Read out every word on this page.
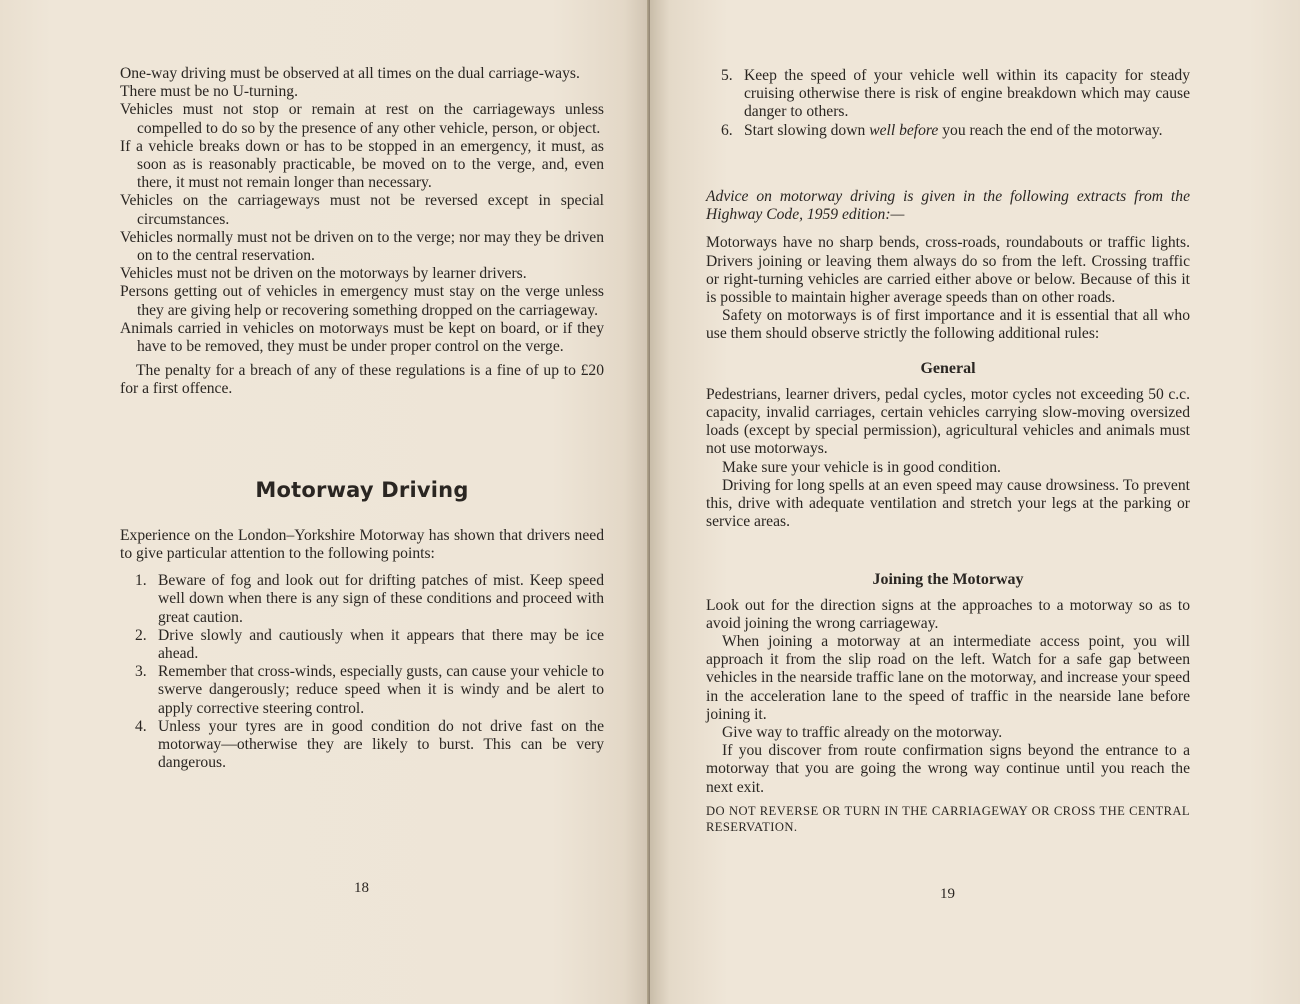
One-way driving must be observed at all times on the dual carriage-ways.

There must be no U-turning.

Vehicles must not stop or remain at rest on the carriageways unless compelled to do so by the presence of any other vehicle, person, or object.

If a vehicle breaks down or has to be stopped in an emergency, it must, as soon as is reasonably practicable, be moved on to the verge, and, even there, it must not remain longer than necessary.

Vehicles on the carriageways must not be reversed except in special circumstances.

Vehicles normally must not be driven on to the verge; nor may they be driven on to the central reservation.

Vehicles must not be driven on the motorways by learner drivers.

Persons getting out of vehicles in emergency must stay on the verge unless they are giving help or recovering something dropped on the carriageway.

Animals carried in vehicles on motorways must be kept on board, or if they have to be removed, they must be under proper control on the verge.

The penalty for a breach of any of these regulations is a fine of up to £20 for a first offence.

Motorway Driving

Experience on the London–Yorkshire Motorway has shown that drivers need to give particular attention to the following points:

1. Beware of fog and look out for drifting patches of mist. Keep speed well down when there is any sign of these conditions and proceed with great caution.
2. Drive slowly and cautiously when it appears that there may be ice ahead.
3. Remember that cross-winds, especially gusts, can cause your vehicle to swerve dangerously; reduce speed when it is windy and be alert to apply corrective steering control.
4. Unless your tyres are in good condition do not drive fast on the motorway—otherwise they are likely to burst. This can be very dangerous.
18
5. Keep the speed of your vehicle well within its capacity for steady cruising otherwise there is risk of engine breakdown which may cause danger to others.
6. Start slowing down well before you reach the end of the motorway.

Advice on motorway driving is given in the following extracts from the Highway Code, 1959 edition:—

Motorways have no sharp bends, cross-roads, roundabouts or traffic lights. Drivers joining or leaving them always do so from the left. Crossing traffic or right-turning vehicles are carried either above or below. Because of this it is possible to maintain higher average speeds than on other roads.

Safety on motorways is of first importance and it is essential that all who use them should observe strictly the following additional rules:

General

Pedestrians, learner drivers, pedal cycles, motor cycles not exceeding 50 c.c. capacity, invalid carriages, certain vehicles carrying slow-moving oversized loads (except by special permission), agricultural vehicles and animals must not use motorways.

Make sure your vehicle is in good condition.

Driving for long spells at an even speed may cause drowsiness. To prevent this, drive with adequate ventilation and stretch your legs at the parking or service areas.

Joining the Motorway

Look out for the direction signs at the approaches to a motorway so as to avoid joining the wrong carriageway.

When joining a motorway at an intermediate access point, you will approach it from the slip road on the left. Watch for a safe gap between vehicles in the nearside traffic lane on the motorway, and increase your speed in the acceleration lane to the speed of traffic in the nearside lane before joining it.

Give way to traffic already on the motorway.

If you discover from route confirmation signs beyond the entrance to a motorway that you are going the wrong way continue until you reach the next exit.

DO NOT REVERSE OR TURN IN THE CARRIAGEWAY OR CROSS THE CENTRAL RESERVATION.

19
